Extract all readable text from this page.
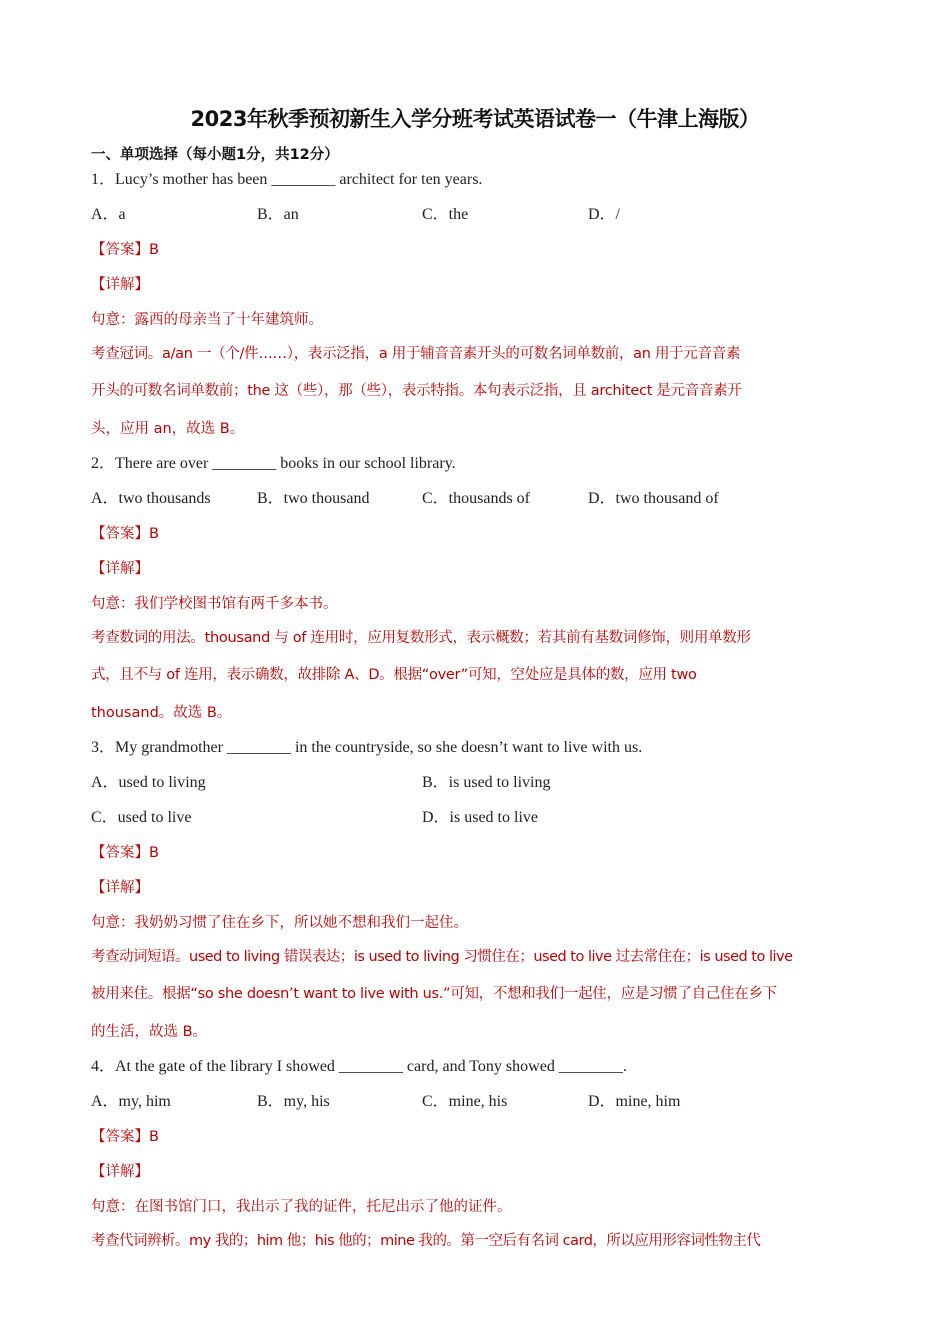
2023年秋季预初新生入学分班考试英语试卷一（牛津上海版）
一、单项选择（每小题1分，共12分）
1．Lucy’s mother has been ________ architect for ten years.
A．a	B．an	C．the	D．/
【答案】B
【详解】
句意：露西的母亲当了十年建筑师。
考查冠词。a/an 一（个/件……），表示泛指，a 用于辅音音素开头的可数名词单数前，an 用于元音音素
开头的可数名词单数前；the 这（些），那（些），表示特指。本句表示泛指，且 architect 是元音音素开
头，应用 an，故选 B。
2．There are over ________ books in our school library.
A．two thousands	B．two thousand	C．thousands of	D．two thousand of
【答案】B
【详解】
句意：我们学校图书馆有两千多本书。
考查数词的用法。thousand 与 of 连用时，应用复数形式，表示概数；若其前有基数词修饰，则用单数形
式，且不与 of 连用，表示确数，故排除 A、D。根据“over”可知，空处应是具体的数，应用 two
thousand。故选 B。
3．My grandmother ________ in the countryside, so she doesn’t want to live with us.
A．used to living	B．is used to living
C．used to live	D．is used to live
【答案】B
【详解】
句意：我奶奶习惯了住在乡下，所以她不想和我们一起住。
考查动词短语。used to living 错误表达；is used to living 习惯住在；used to live 过去常住在；is used to live
被用来住。根据“so she doesn’t want to live with us.”可知，不想和我们一起住，应是习惯了自己住在乡下
的生活，故选 B。
4．At the gate of the library I showed ________ card, and Tony showed ________.
A．my, him	B．my, his	C．mine, his	D．mine, him
【答案】B
【详解】
句意：在图书馆门口，我出示了我的证件，托尼出示了他的证件。
考查代词辨析。my 我的；him 他；his 他的；mine 我的。第一空后有名词 card，所以应用形容词性物主代
